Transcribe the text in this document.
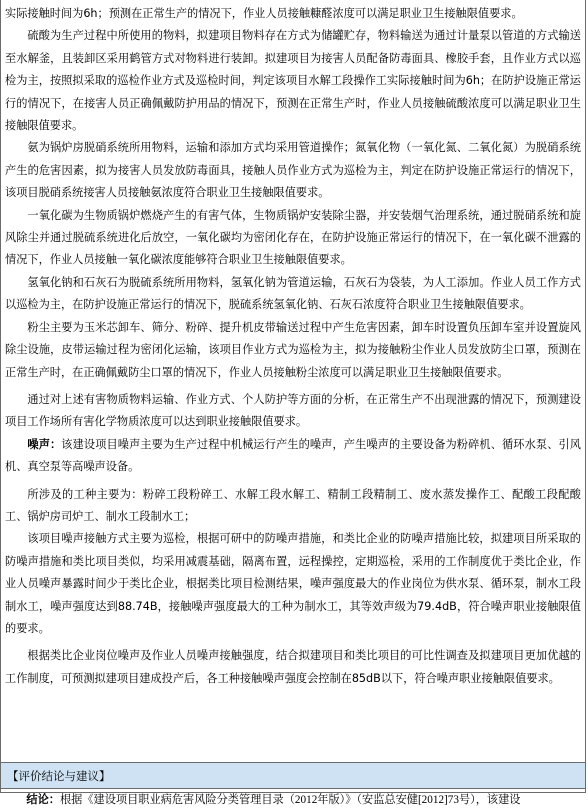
实际接触时间为6h；预测在正常生产的情况下，作业人员接触糠醛浓度可以满足职业卫生接触限值要求。

硫酸为生产过程中所使用的物料，拟建项目物料存在方式为储罐贮存，物料输送为通过计量泵以管道的方式输送至水解釜，且装卸区采用鹤管方式对物料进行装卸。拟建项目为接害人员配备防毒面具、橡胶手套，且作业方式以巡检为主，按照拟采取的巡检作业方式及巡检时间，判定该项目水解工段操作工实际接触时间为6h；在防护设施正常运行的情况下，在接害人员正确佩戴防护用品的情况下，预测在正常生产时，作业人员接触硫酸浓度可以满足职业卫生接触限值要求。

氨为锅炉房脱硝系统所用物料，运输和添加方式均采用管道操作；氮氧化物（一氧化氮、二氧化氮）为脱硝系统产生的危害因素，拟为接害人员发放防毒面具，接触人员作业方式为巡检为主，判定在防护设施正常运行的情况下，该项目脱硝系统接害人员接触氨浓度符合职业卫生接触限值要求。

一氧化碳为生物质锅炉燃烧产生的有害气体，生物质锅炉安装除尘器，并安装烟气治理系统，通过脱硝系统和旋风除尘并通过脱硫系统进化后放空，一氧化碳均为密闭化存在，在防护设施正常运行的情况下，在一氧化碳不泄露的情况下，作业人员接触一氧化碳浓度能够符合职业卫生接触限值要求。

氢氧化钠和石灰石为脱硫系统所用物料，氢氧化钠为管道运输，石灰石为袋装，为人工添加。作业人员工作方式以巡检为主，在防护设施正常运行的情况下，脱硫系统氢氧化钠、石灰石浓度符合职业卫生接触限值要求。

粉尘主要为玉米芯卸车、筛分、粉碎、提升机皮带输送过程中产生危害因素，卸车时设置负压卸车室并设置旋风除尘设施，皮带运输过程为密闭化运输，该项目作业方式为巡检为主，拟为接触粉尘作业人员发放防尘口罩，预测在正常生产时，在正确佩戴防尘口罩的情况下，作业人员接触粉尘浓度可以满足职业卫生接触限值要求。

通过对上述有害物质物料运输、作业方式、个人防护等方面的分析，在正常生产不出现泄露的情况下，预测建设项目工作场所有害化学物质浓度可以达到职业接触限值要求。

噪声：该建设项目噪声主要为生产过程中机械运行产生的噪声，产生噪声的主要设备为粉碎机、循环水泵、引风机、真空泵等高噪声设备。

所涉及的工种主要为：粉碎工段粉碎工、水解工段水解工、精制工段精制工、废水蒸发操作工、配酸工段配酸工、锅炉房司炉工、制水工段制水工；

该项目噪声接触方式主要为巡检，根据可研中的防噪声措施，和类比企业的防噪声措施比较，拟建项目所采取的防噪声措施和类比项目类似，均采用减震基础，隔离布置，远程操控，定期巡检，采用的工作制度优于类比企业，作业人员噪声暴露时间少于类比企业，根据类比项目检测结果，噪声强度最大的作业岗位为供水泵、循环泵，制水工段制水工，噪声强度达到88.74B，接触噪声强度最大的工种为制水工，其等效声级为79.4dB，符合噪声职业接触限值的要求。

根据类比企业岗位噪声及作业人员噪声接触强度，结合拟建项目和类比项目的可比性调查及拟建项目更加优越的工作制度，可预测拟建项目建成投产后，各工种接触噪声强度会控制在85dB以下，符合噪声职业接触限值要求。

【评价结论与建议】

结论：根据《建设项目职业病危害风险分类管理目录（2012年版）》（安监总安健[2012]73号），该建设
